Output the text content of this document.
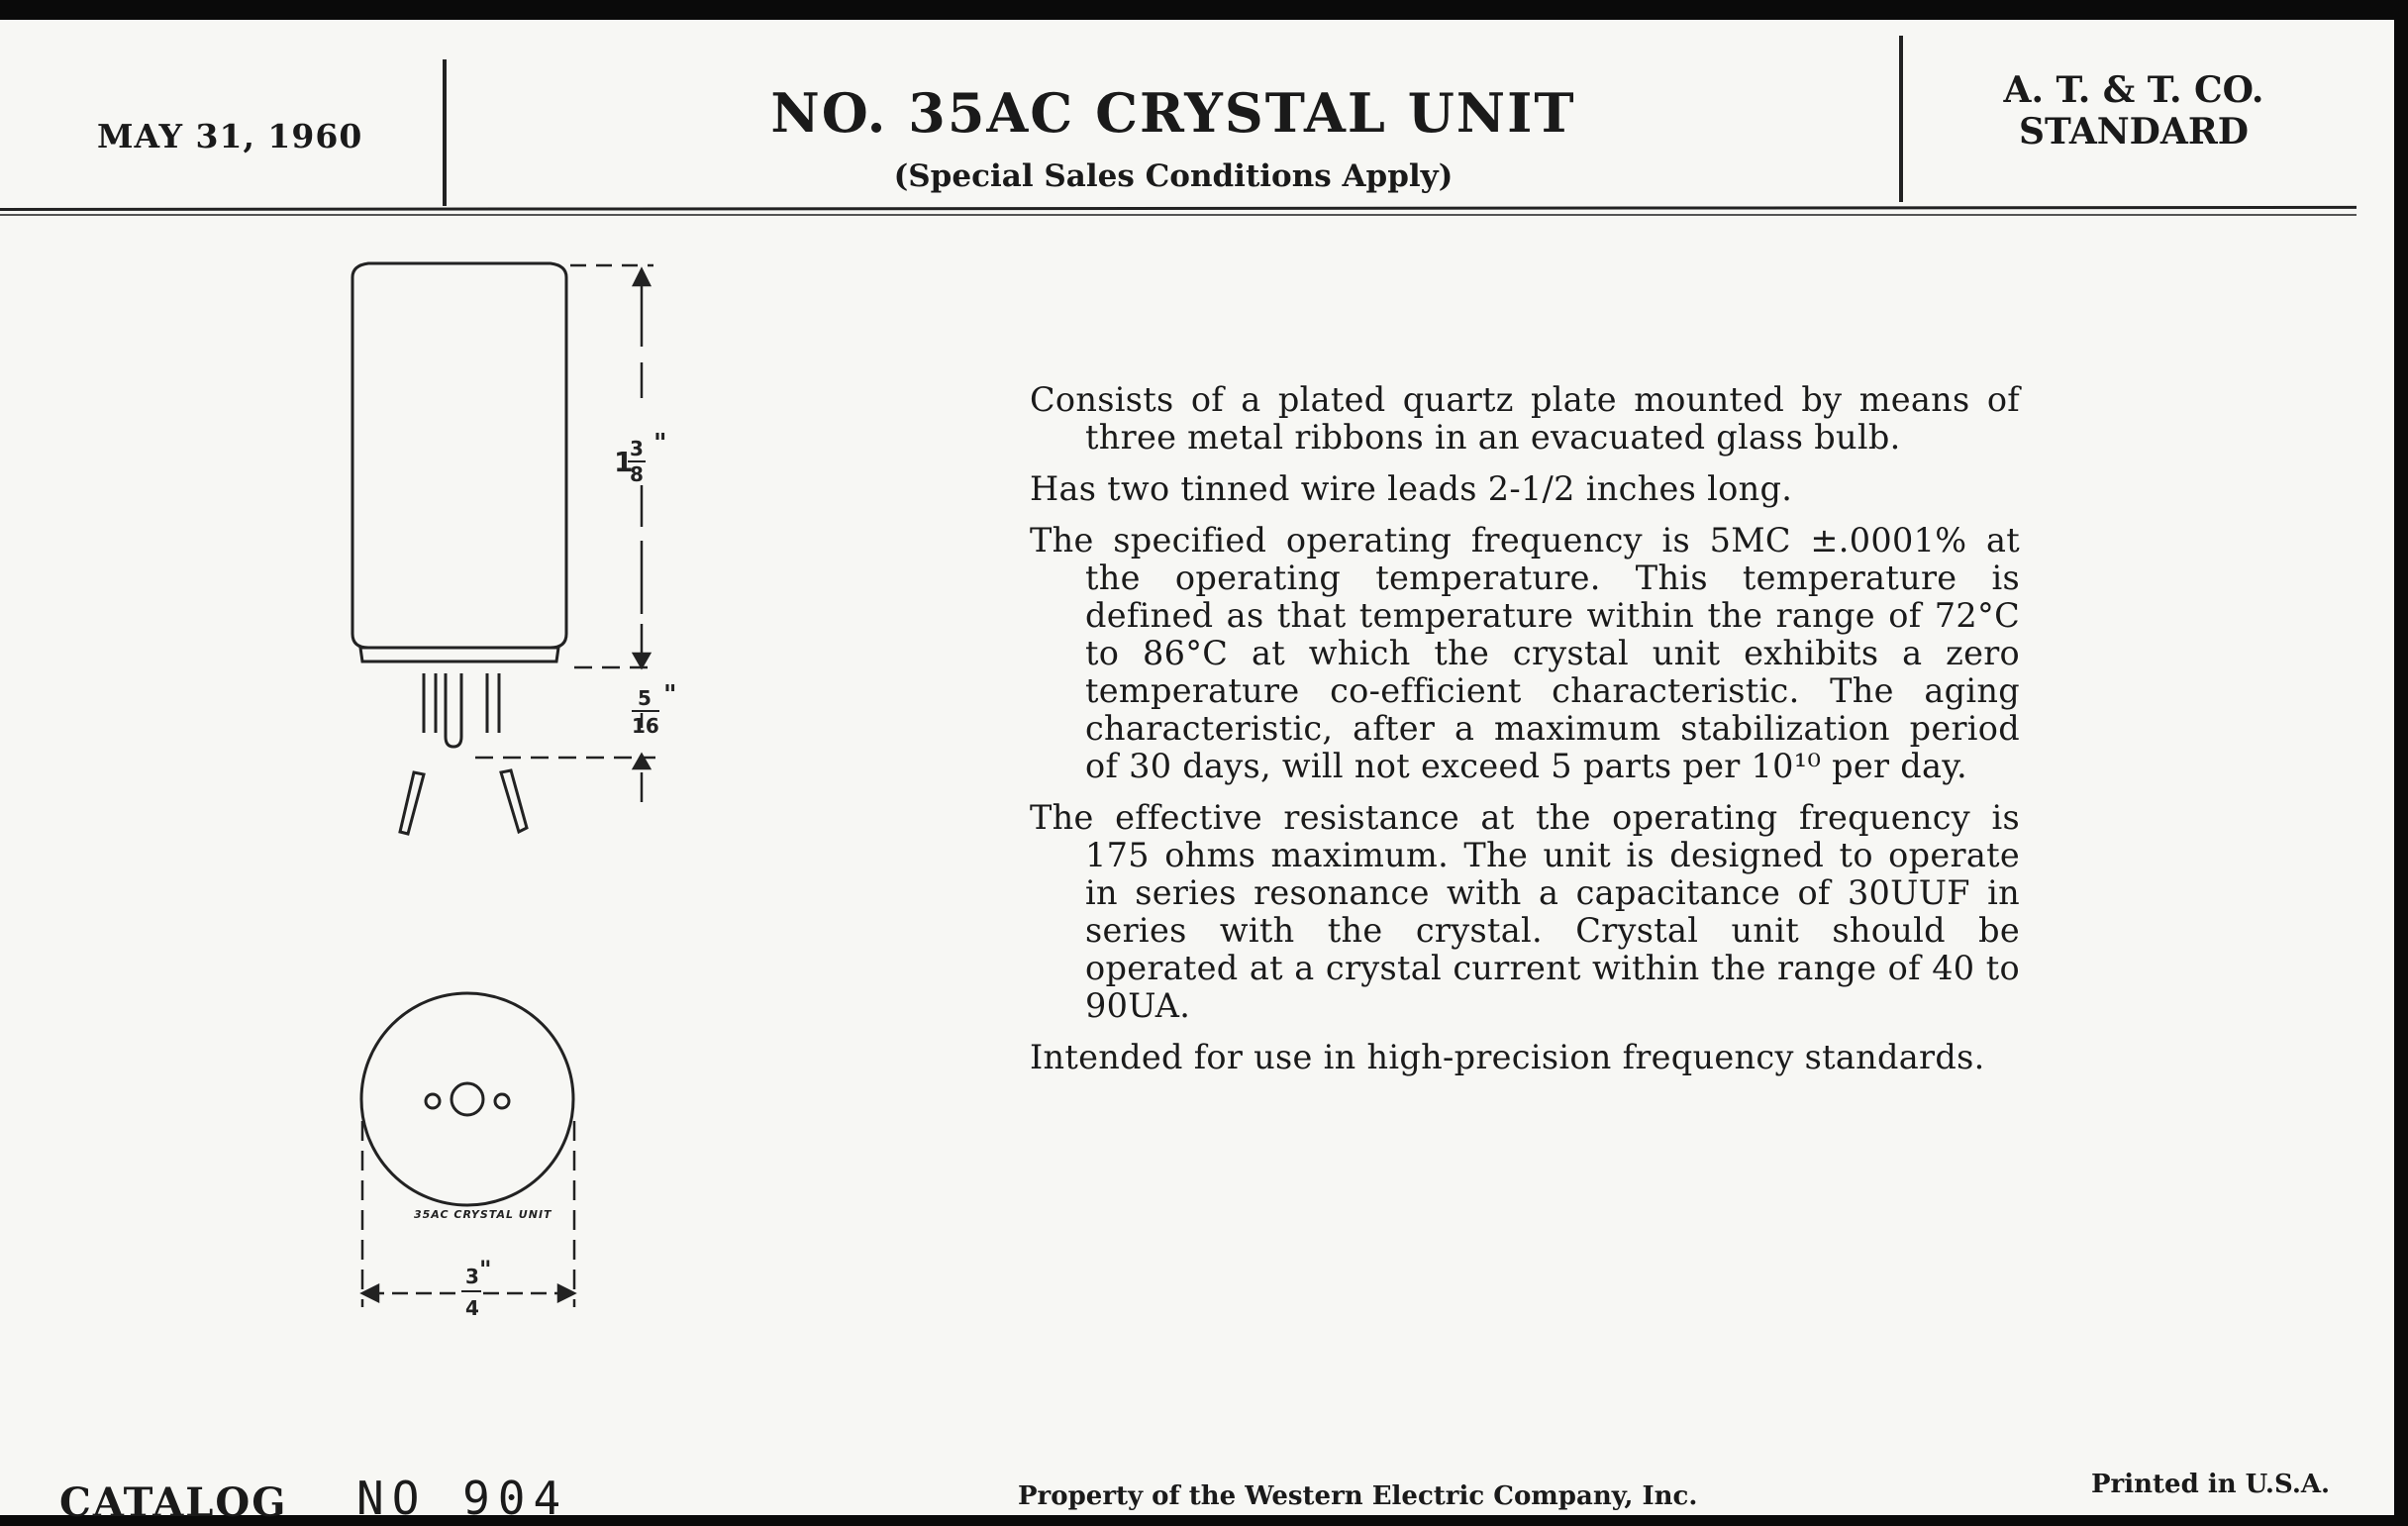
MAY 31, 1960	NO. 35AC CRYSTAL UNIT
(Special Sales Conditions Apply)
A. T. & T. CO.
STANDARD
1
3
8
"
5
16
"
35AC CRYSTAL UNIT
3
4
"

Consists of a plated quartz plate mounted by means of three metal ribbons in an evacuated glass bulb.

Has two tinned wire leads 2-1/2 inches long.

The specified operating frequency is 5MC ±.0001% at the operating temperature. This temperature is defined as that temperature within the range of 72°C to 86°C at which the crystal unit exhibits a zero temperature co-efficient characteristic. The aging characteristic, after a maximum stabilization period of 30 days, will not exceed 5 parts per 10¹⁰ per day.

The effective resistance at the operating frequency is 175 ohms maximum. The unit is designed to operate in series resonance with a capacitance of 30UUF in series with the crystal. Crystal unit should be operated at a crystal current within the range of 40 to 90UA.

Intended for use in high-precision frequency standards.

CATALOG NO 904	Property of the Western Electric Company, Inc.	Printed in U.S.A.
